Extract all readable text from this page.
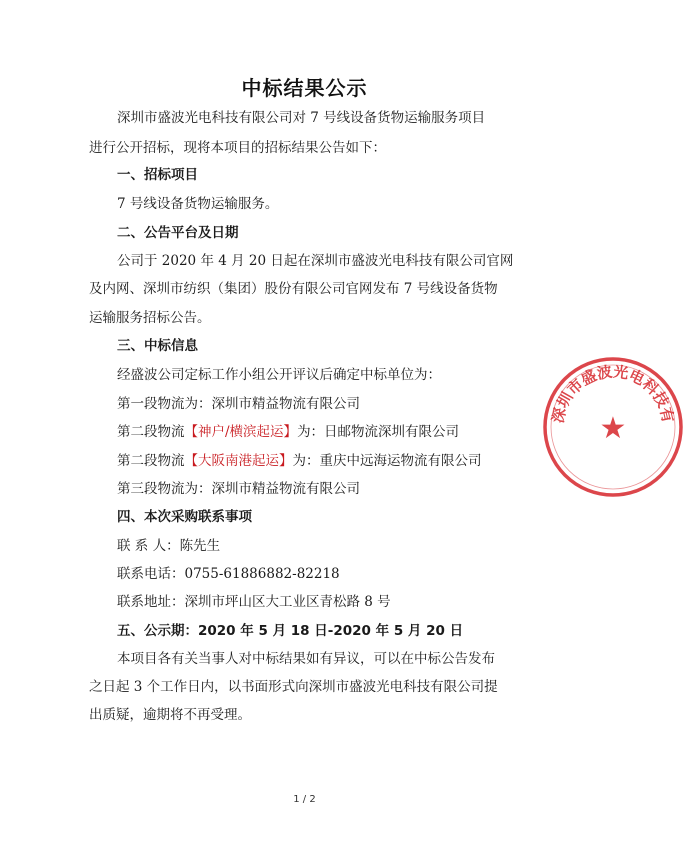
中标结果公示
深圳市盛波光电科技有限公司对 7 号线设备货物运输服务项目
进行公开招标，现将本项目的招标结果公告如下：
一、招标项目
7 号线设备货物运输服务。
二、公告平台及日期
公司于 2020 年 4 月 20 日起在深圳市盛波光电科技有限公司官网
及内网、深圳市纺织（集团）股份有限公司官网发布 7 号线设备货物
运输服务招标公告。
三、中标信息
经盛波公司定标工作小组公开评议后确定中标单位为：
第一段物流为：深圳市精益物流有限公司
第二段物流【神户/横滨起运】为：日邮物流深圳有限公司
第二段物流【大阪南港起运】为：重庆中远海运物流有限公司
第三段物流为：深圳市精益物流有限公司
四、本次采购联系事项
联 系 人：陈先生
联系电话：0755-61886882-82218
联系地址：深圳市坪山区大工业区青松路 8 号
五、公示期：2020 年 5 月 18 日-2020 年 5 月 20 日
本项目各有关当事人对中标结果如有异议，可以在中标公告发布
之日起 3 个工作日内，以书面形式向深圳市盛波光电科技有限公司提
出质疑，逾期将不再受理。
1 / 2
深圳市盛波光电科技有限公司
★
